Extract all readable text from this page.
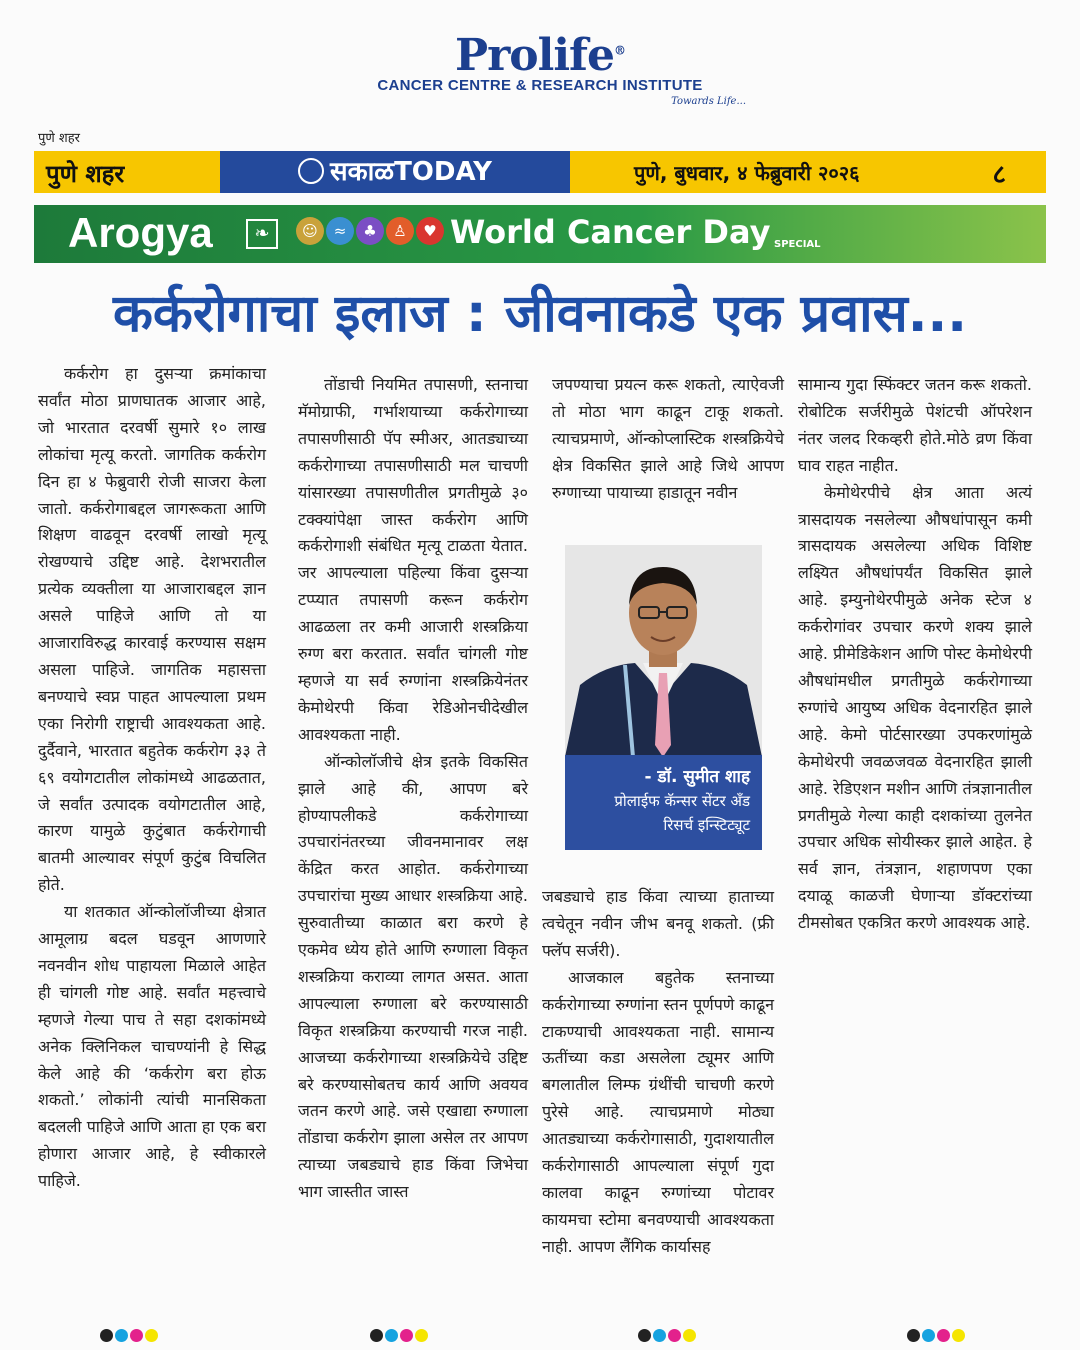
Prolife®
CANCER CENTRE & RESEARCH INSTITUTE
Towards Life...
पुणे शहर
पुणे शहर	सकाळTODAY	पुणे, बुधवार, ४ फेब्रुवारी २०२६	८
Arogya	❧	☺ ≈ ♣ ♙ ♥ World Cancer Day SPECIAL
कर्करोगाचा इलाज : जीवनाकडे एक प्रवास...

कर्करोग हा दुसऱ्या क्रमांकाचा सर्वांत मोठा प्राणघातक आजार आहे, जो भारतात दरवर्षी सुमारे १० लाख लोकांचा मृत्यू करतो. जागतिक कर्करोग दिन हा ४ फेब्रुवारी रोजी साजरा केला जातो. कर्करोगाबद्दल जागरूकता आणि शिक्षण वाढवून दरवर्षी लाखो मृत्यू रोखण्याचे उद्दिष्ट आहे. देशभरातील प्रत्येक व्यक्तीला या आजाराबद्दल ज्ञान असले पाहिजे आणि तो या आजाराविरुद्ध कारवाई करण्यास सक्षम असला पाहिजे. जागतिक महासत्ता बनण्याचे स्वप्न पाहत आपल्याला प्रथम एका निरोगी राष्ट्राची आवश्यकता आहे. दुर्दैवाने, भारतात बहुतेक कर्करोग ३३ ते ६९ वयोगटातील लोकांमध्ये आढळतात, जे सर्वांत उत्पादक वयोगटातील आहे, कारण यामुळे कुटुंबात कर्करोगाची बातमी आल्यावर संपूर्ण कुटुंब विचलित होते.

या शतकात ऑन्कोलॉजीच्या क्षेत्रात आमूलाग्र बदल घडवून आणणारे नवनवीन शोध पाहायला मिळाले आहेत ही चांगली गोष्ट आहे. सर्वांत महत्त्वाचे म्हणजे गेल्या पाच ते सहा दशकांमध्ये अनेक क्लिनिकल चाचण्यांनी हे सिद्ध केले आहे की ‘कर्करोग बरा होऊ शकतो.’ लोकांनी त्यांची मानसिकता बदलली पाहिजे आणि आता हा एक बरा होणारा आजार आहे, हे स्वीकारले पाहिजे.

तोंडाची नियमित तपासणी, स्तनाचा मॅमोग्राफी, गर्भाशयाच्या कर्करोगाच्या तपासणीसाठी पॅप स्मीअर, आतड्याच्या कर्करोगाच्या तपासणीसाठी मल चाचणी यांसारख्या तपासणीतील प्रगतीमुळे ३० टक्क्यांपेक्षा जास्त कर्करोग आणि कर्करोगाशी संबंधित मृत्यू टाळता येतात. जर आपल्याला पहिल्या किंवा दुसऱ्या टप्प्यात तपासणी करून कर्करोग आढळला तर कमी आजारी शस्त्रक्रिया रुग्ण बरा करतात. सर्वांत चांगली गोष्ट म्हणजे या सर्व रुग्णांना शस्त्रक्रियेनंतर केमोथेरपी किंवा रेडिओनचीदेखील आवश्यकता नाही.

ऑन्कोलॉजीचे क्षेत्र इतके विकसित झाले आहे की, आपण बरे होण्यापलीकडे कर्करोगाच्या उपचारांनंतरच्या जीवनमानावर लक्ष केंद्रित करत आहोत. कर्करोगाच्या उपचारांचा मुख्य आधार शस्त्रक्रिया आहे. सुरुवातीच्या काळात बरा करणे हे एकमेव ध्येय होते आणि रुग्णाला विकृत शस्त्रक्रिया कराव्या लागत असत. आता आपल्याला रुग्णाला बरे करण्यासाठी विकृत शस्त्रक्रिया करण्याची गरज नाही. आजच्या कर्करोगाच्या शस्त्रक्रियेचे उद्दिष्ट बरे करण्यासोबतच कार्य आणि अवयव जतन करणे आहे. जसे एखाद्या रुग्णाला तोंडाचा कर्करोग झाला असेल तर आपण त्याच्या जबड्याचे हाड किंवा जिभेचा भाग जास्तीत जास्त

जपण्याचा प्रयत्न करू शकतो, त्याऐवजी तो मोठा भाग काढून टाकू शकतो. त्याचप्रमाणे, ऑन्कोप्लास्टिक शस्त्रक्रियेचे क्षेत्र विकसित झाले आहे जिथे आपण रुग्णाच्या पायाच्या हाडातून नवीन

- डॉ. सुमीत शाह
प्रोलाईफ कॅन्सर सेंटर अँड
रिसर्च इन्स्टिट्यूट

जबड्याचे हाड किंवा त्याच्या हाताच्या त्वचेतून नवीन जीभ बनवू शकतो. (फ्री फ्लॅप सर्जरी).

आजकाल बहुतेक स्तनाच्या कर्करोगाच्या रुग्णांना स्तन पूर्णपणे काढून टाकण्याची आवश्यकता नाही. सामान्य ऊतींच्या कडा असलेला ट्यूमर आणि बगलातील लिम्फ ग्रंथींची चाचणी करणे पुरेसे आहे. त्याचप्रमाणे मोठ्या आतड्याच्या कर्करोगासाठी, गुदाशयातील कर्करोगासाठी आपल्याला संपूर्ण गुदा कालवा काढून रुग्णांच्या पोटावर कायमचा स्टोमा बनवण्याची आवश्यकता नाही. आपण लैंगिक कार्यासह

सामान्य गुदा स्फिंक्टर जतन करू शकतो. रोबोटिक सर्जरीमुळे पेशंटची ऑपरेशन नंतर जलद रिकव्हरी होते.मोठे व्रण किंवा घाव राहत नाहीत.

केमोथेरपीचे क्षेत्र आता अत्यं त्रासदायक नसलेल्या औषधांपासून कमी त्रासदायक असलेल्या अधिक विशिष्ट लक्ष्यित औषधांपर्यंत विकसित झाले आहे. इम्युनोथेरपीमुळे अनेक स्टेज ४ कर्करोगांवर उपचार करणे शक्य झाले आहे. प्रीमेडिकेशन आणि पोस्ट केमोथेरपी औषधांमधील प्रगतीमुळे कर्करोगाच्या रुग्णांचे आयुष्य अधिक वेदनारहित झाले आहे. केमो पोर्टसारख्या उपकरणांमुळे केमोथेरपी जवळजवळ वेदनारहित झाली आहे. रेडिएशन मशीन आणि तंत्रज्ञानातील प्रगतीमुळे गेल्या काही दशकांच्या तुलनेत उपचार अधिक सोयीस्कर झाले आहेत. हे सर्व ज्ञान, तंत्रज्ञान, शहाणपण एका दयाळू काळजी घेणाऱ्या डॉक्टरांच्या टीमसोबत एकत्रित करणे आवश्यक आहे.
